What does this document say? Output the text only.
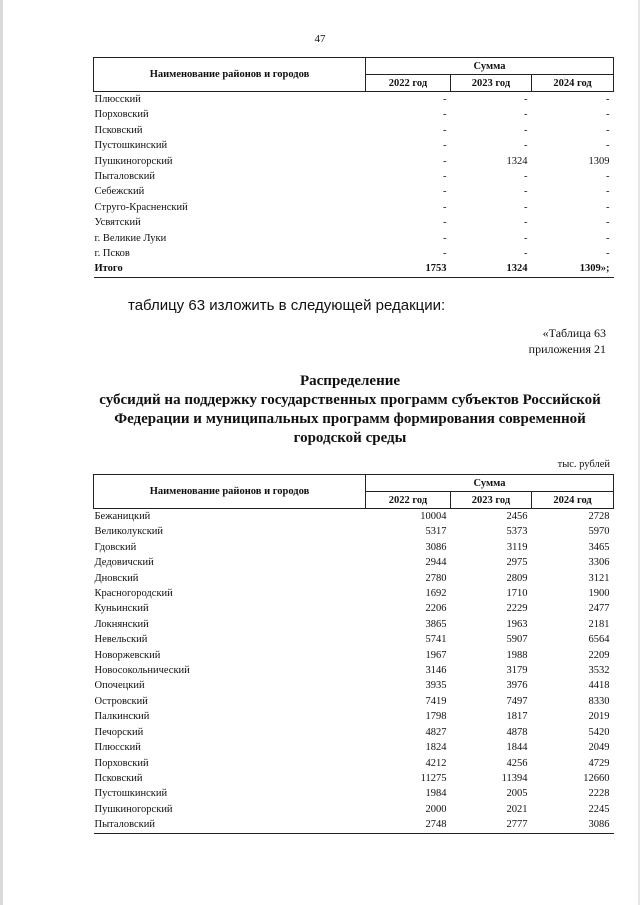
47
Наименование районов и городов	Сумма		
	2022 год	2023 год	2024 год
Плюсский	-	-	-
Порховский	-	-	-
Псковский	-	-	-
Пустошкинский	-	-	-
Пушкиногорский	-	1324	1309
Пыталовский	-	-	-
Себежский	-	-	-
Струго-Красненский	-	-	-
Усвятский	-	-	-
г. Великие Луки	-	-	-
г. Псков	-	-	-
Итого	1753	1324	1309»;
таблицу 63 изложить в следующей редакции:
«Таблица 63
приложения 21
Распределение
субсидий на поддержку государственных программ субъектов Российской
Федерации и муниципальных программ формирования современной
городской среды
тыс. рублей
Наименование районов и городов	Сумма		
	2022 год	2023 год	2024 год
Бежаницкий	10004	2456	2728
Великолукский	5317	5373	5970
Гдовский	3086	3119	3465
Дедовичский	2944	2975	3306
Дновский	2780	2809	3121
Красногородский	1692	1710	1900
Куньинский	2206	2229	2477
Локнянский	3865	1963	2181
Невельский	5741	5907	6564
Новоржевский	1967	1988	2209
Новосокольнический	3146	3179	3532
Опочецкий	3935	3976	4418
Островский	7419	7497	8330
Палкинский	1798	1817	2019
Печорский	4827	4878	5420
Плюсский	1824	1844	2049
Порховский	4212	4256	4729
Псковский	11275	11394	12660
Пустошкинский	1984	2005	2228
Пушкиногорский	2000	2021	2245
Пыталовский	2748	2777	3086
